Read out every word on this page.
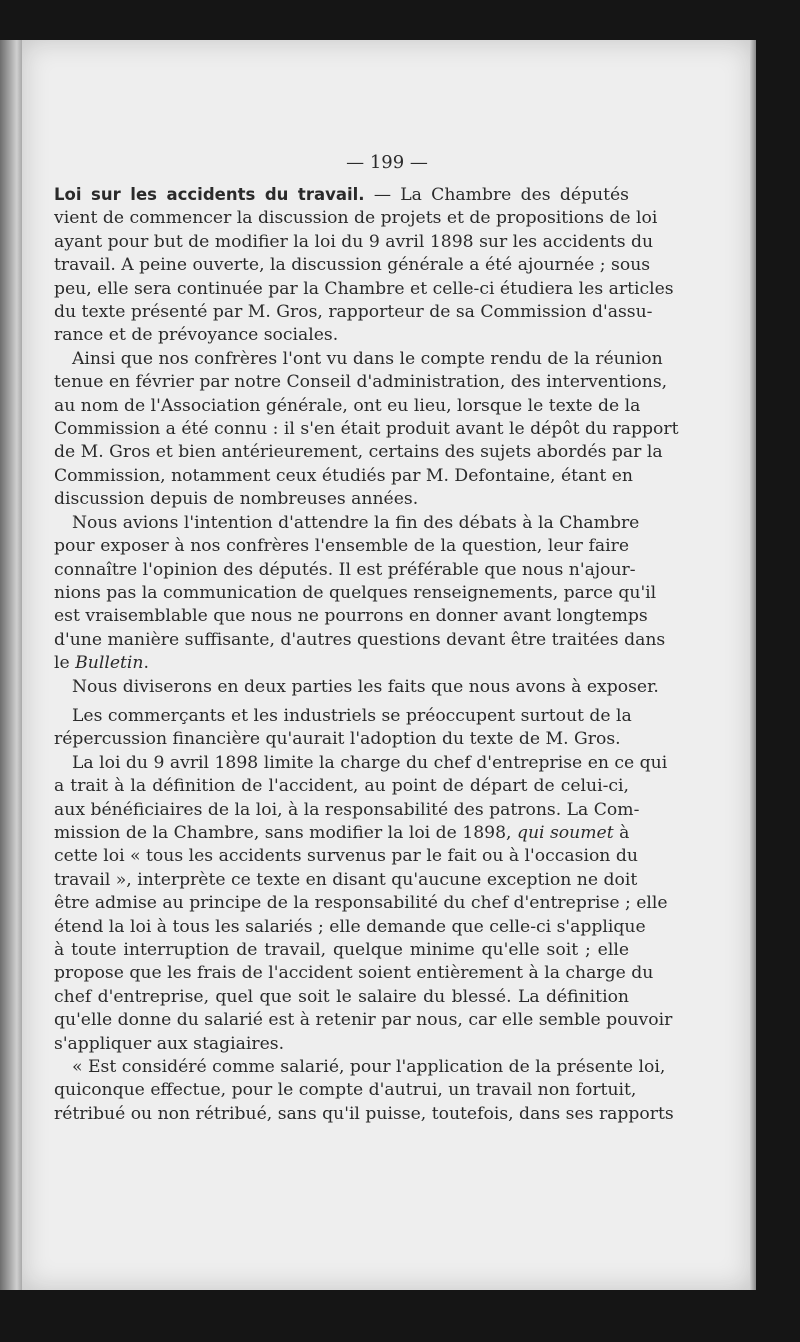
— 199 —
Loi sur les accidents du travail. — La Chambre des députés
vient de commencer la discussion de projets et de propositions de loi
ayant pour but de modifier la loi du 9 avril 1898 sur les accidents du
travail. A peine ouverte, la discussion générale a été ajournée ; sous
peu, elle sera continuée par la Chambre et celle-ci étudiera les articles
du texte présenté par M. Gros, rapporteur de sa Commission d'assu-
rance et de prévoyance sociales.
Ainsi que nos confrères l'ont vu dans le compte rendu de la réunion
tenue en février par notre Conseil d'administration, des interventions,
au nom de l'Association générale, ont eu lieu, lorsque le texte de la
Commission a été connu : il s'en était produit avant le dépôt du rapport
de M. Gros et bien antérieurement, certains des sujets abordés par la
Commission, notamment ceux étudiés par M. Defontaine, étant en
discussion depuis de nombreuses années.
Nous avions l'intention d'attendre la fin des débats à la Chambre
pour exposer à nos confrères l'ensemble de la question, leur faire
connaître l'opinion des députés. Il est préférable que nous n'ajour-
nions pas la communication de quelques renseignements, parce qu'il
est vraisemblable que nous ne pourrons en donner avant longtemps
d'une manière suffisante, d'autres questions devant être traitées dans
le Bulletin.
Nous diviserons en deux parties les faits que nous avons à exposer.
Les commerçants et les industriels se préoccupent surtout de la
répercussion financière qu'aurait l'adoption du texte de M. Gros.
La loi du 9 avril 1898 limite la charge du chef d'entreprise en ce qui
a trait à la définition de l'accident, au point de départ de celui-ci,
aux bénéficiaires de la loi, à la responsabilité des patrons. La Com-
mission de la Chambre, sans modifier la loi de 1898, qui soumet à
cette loi « tous les accidents survenus par le fait ou à l'occasion du
travail », interprète ce texte en disant qu'aucune exception ne doit
être admise au principe de la responsabilité du chef d'entreprise ; elle
étend la loi à tous les salariés ; elle demande que celle-ci s'applique
à toute interruption de travail, quelque minime qu'elle soit ; elle
propose que les frais de l'accident soient entièrement à la charge du
chef d'entreprise, quel que soit le salaire du blessé. La définition
qu'elle donne du salarié est à retenir par nous, car elle semble pouvoir
s'appliquer aux stagiaires.
« Est considéré comme salarié, pour l'application de la présente loi,
quiconque effectue, pour le compte d'autrui, un travail non fortuit,
rétribué ou non rétribué, sans qu'il puisse, toutefois, dans ses rapports
